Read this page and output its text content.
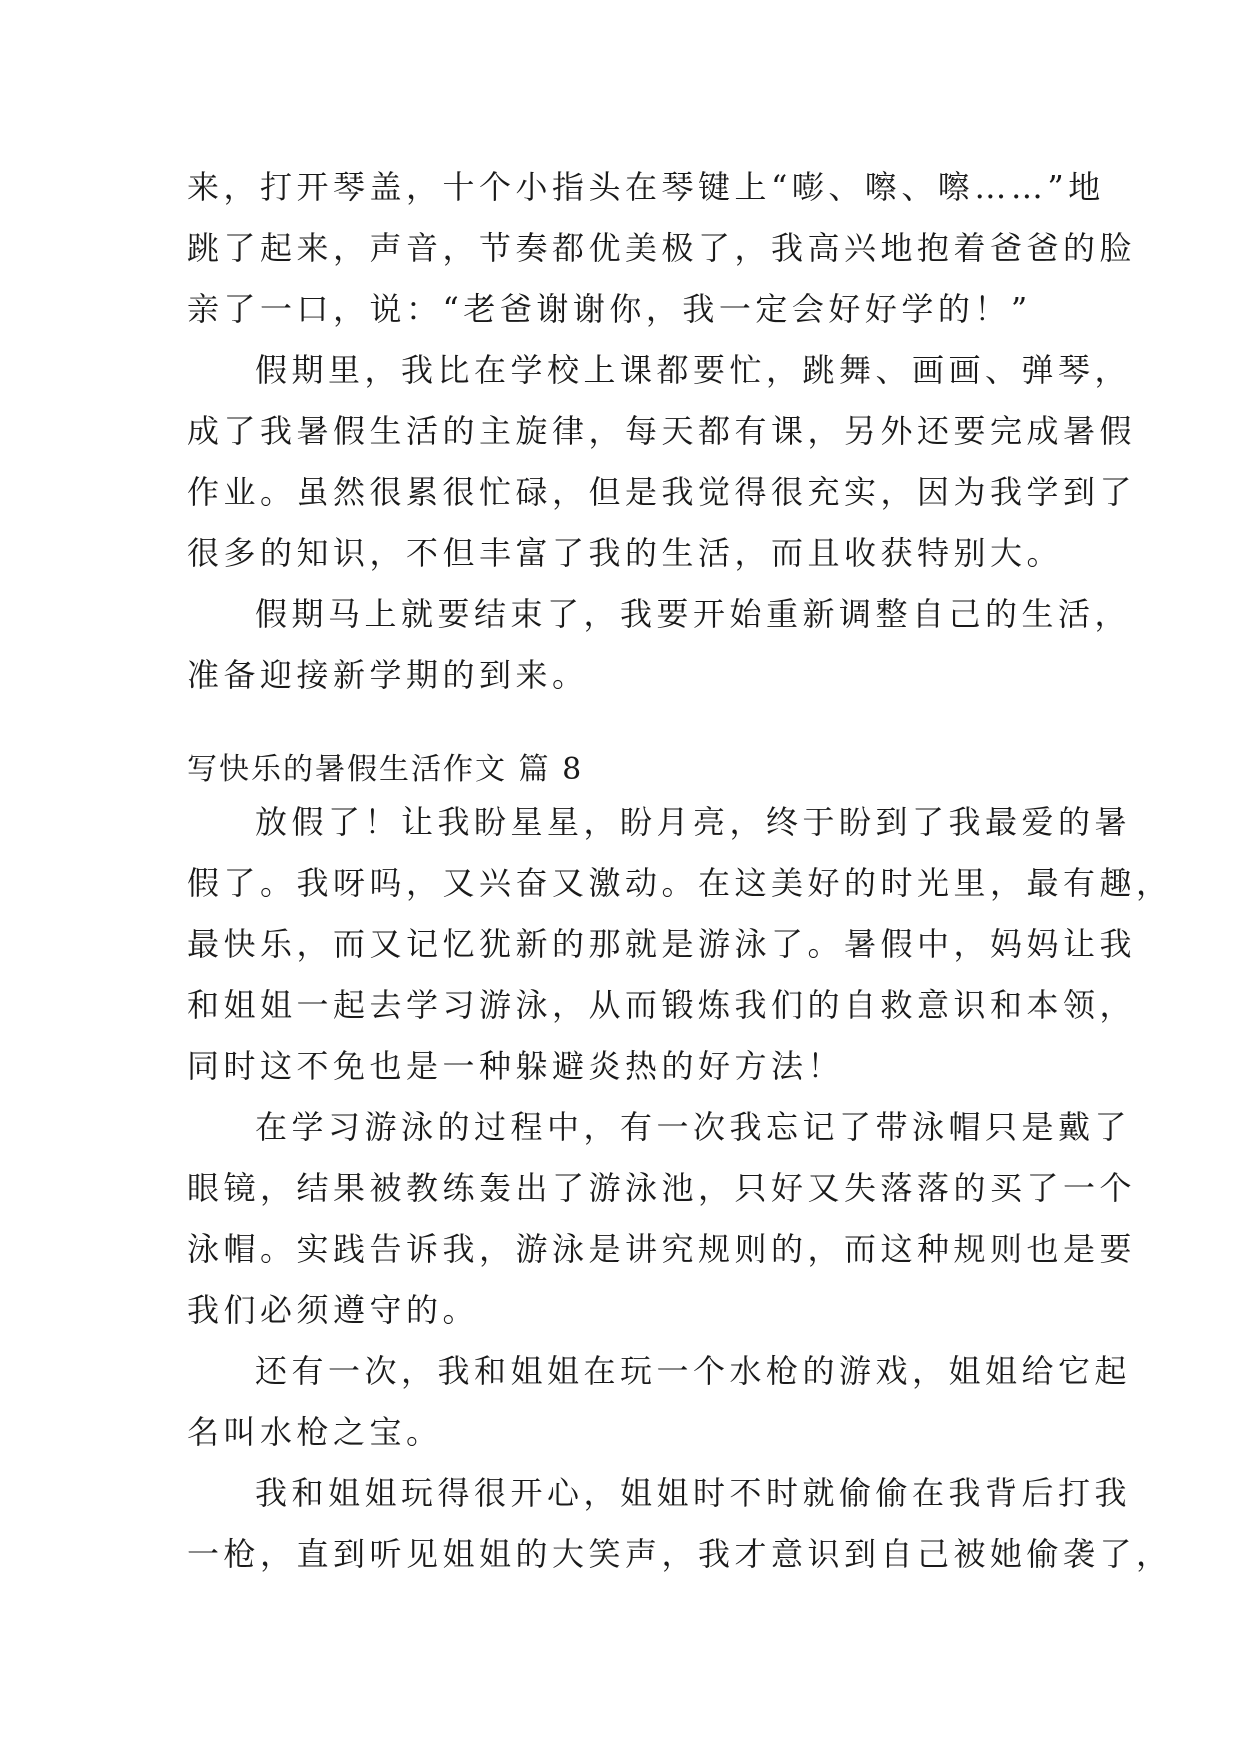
来，打开琴盖，十个小指头在琴键上“嘭、嚓、嚓……”地
跳了起来，声音，节奏都优美极了，我高兴地抱着爸爸的脸
亲了一口，说：“老爸谢谢你，我一定会好好学的！”
假期里，我比在学校上课都要忙，跳舞、画画、弹琴，
成了我暑假生活的主旋律，每天都有课，另外还要完成暑假
作业。虽然很累很忙碌，但是我觉得很充实，因为我学到了
很多的知识，不但丰富了我的生活，而且收获特别大。
假期马上就要结束了，我要开始重新调整自己的生活，
准备迎接新学期的到来。
写快乐的暑假生活作文 篇 8
放假了！让我盼星星，盼月亮，终于盼到了我最爱的暑
假了。我呀吗，又兴奋又激动。在这美好的时光里，最有趣，
最快乐，而又记忆犹新的那就是游泳了。暑假中，妈妈让我
和姐姐一起去学习游泳，从而锻炼我们的自救意识和本领，
同时这不免也是一种躲避炎热的好方法！
在学习游泳的过程中，有一次我忘记了带泳帽只是戴了
眼镜，结果被教练轰出了游泳池，只好又失落落的买了一个
泳帽。实践告诉我，游泳是讲究规则的，而这种规则也是要
我们必须遵守的。
还有一次，我和姐姐在玩一个水枪的游戏，姐姐给它起
名叫水枪之宝。
我和姐姐玩得很开心，姐姐时不时就偷偷在我背后打我
一枪，直到听见姐姐的大笑声，我才意识到自己被她偷袭了，
